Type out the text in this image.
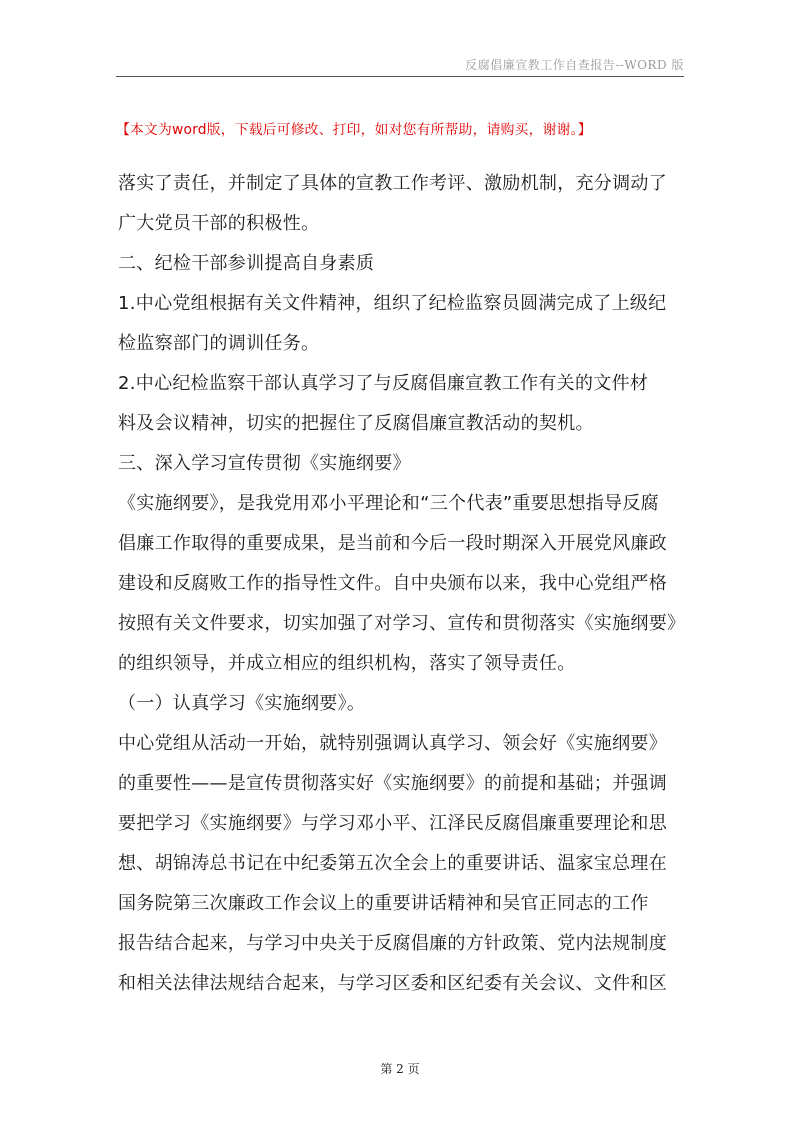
反腐倡廉宣教工作自查报告--WORD 版
【本文为word版，下载后可修改、打印，如对您有所帮助，请购买，谢谢。】
落实了责任，并制定了具体的宣教工作考评、激励机制，充分调动了
广大党员干部的积极性。
二、纪检干部参训提高自身素质
1.中心党组根据有关文件精神，组织了纪检监察员圆满完成了上级纪
检监察部门的调训任务。
2.中心纪检监察干部认真学习了与反腐倡廉宣教工作有关的文件材
料及会议精神，切实的把握住了反腐倡廉宣教活动的契机。
三、深入学习宣传贯彻《实施纲要》
《实施纲要》，是我党用邓小平理论和“三个代表”重要思想指导反腐
倡廉工作取得的重要成果，是当前和今后一段时期深入开展党风廉政
建设和反腐败工作的指导性文件。自中央颁布以来，我中心党组严格
按照有关文件要求，切实加强了对学习、宣传和贯彻落实《实施纲要》
的组织领导，并成立相应的组织机构，落实了领导责任。
（一）认真学习《实施纲要》。
中心党组从活动一开始，就特别强调认真学习、领会好《实施纲要》
的重要性——是宣传贯彻落实好《实施纲要》的前提和基础；并强调
要把学习《实施纲要》与学习邓小平、江泽民反腐倡廉重要理论和思
想、胡锦涛总书记在中纪委第五次全会上的重要讲话、温家宝总理在
国务院第三次廉政工作会议上的重要讲话精神和吴官正同志的工作
报告结合起来，与学习中央关于反腐倡廉的方针政策、党内法规制度
和相关法律法规结合起来，与学习区委和区纪委有关会议、文件和区
第 2 页
